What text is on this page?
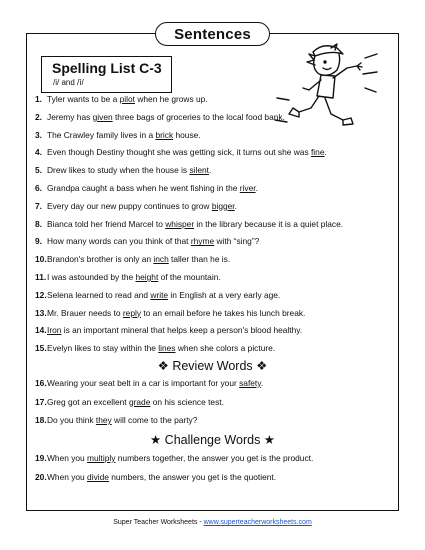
Sentences
Spelling List C-3
/i/ and /ī/
1. Tyler wants to be a pilot when he grows up.
2. Jeremy has given three bags of groceries to the local food bank.
3. The Crawley family lives in a brick house.
4. Even though Destiny thought she was getting sick, it turns out she was fine.
5. Drew likes to study when the house is silent.
6. Grandpa caught a bass when he went fishing in the river.
7. Every day our new puppy continues to grow bigger.
8. Bianca told her friend Marcel to whisper in the library because it is a quiet place.
9. How many words can you think of that rhyme with “sing”?
10.Brandon's brother is only an inch taller than he is.
11.I was astounded by the height of the mountain.
12.Selena learned to read and write in English at a very early age.
13.Mr. Brauer needs to reply to an email before he takes his lunch break.
14.Iron is an important mineral that helps keep a person's blood healthy.
15.Evelyn likes to stay within the lines when she colors a picture.
❖ Review Words ❖
16.Wearing your seat belt in a car is important for your safety.
17.Greg got an excellent grade on his science test.
18.Do you think they will come to the party?
★ Challenge Words ★
19.When you multiply numbers together, the answer you get is the product.
20.When you divide numbers, the answer you get is the quotient.
Super Teacher Worksheets - www.superteacherworksheets.com
